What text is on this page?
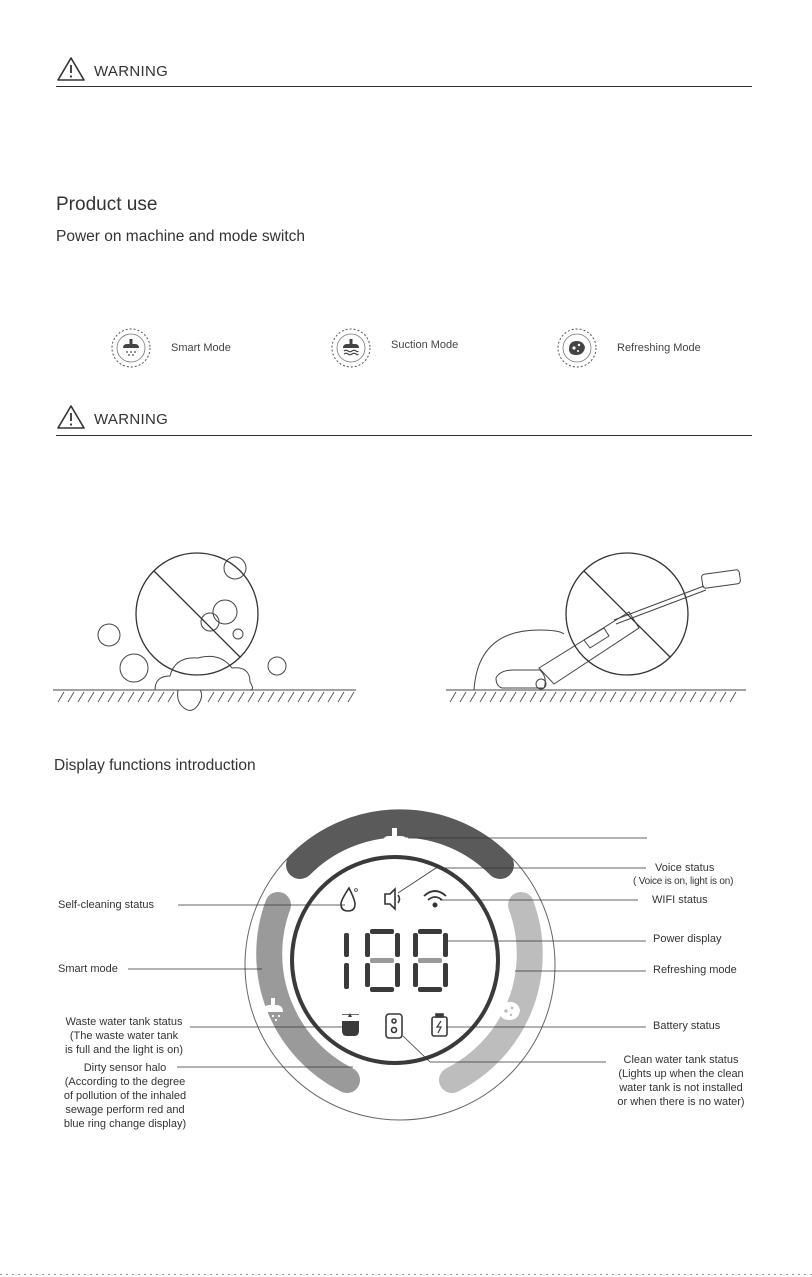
WARNING
Product use
Power on machine and mode switch
Smart Mode	Suction Mode	Refreshing Mode
WARNING
Display functions introduction
Voice status
( Voice is on, light is on)
WIFI status
Power display
Refreshing mode
Battery status
Clean water tank status
(Lights up when the clean
water tank is not installed
or when there is no water)
Self-cleaning status
Smart mode
Waste water tank status
(The waste water tank
is full and the light is on)
Dirty sensor halo
(According to the degree
of pollution of the inhaled
sewage perform red and
blue ring change display)
